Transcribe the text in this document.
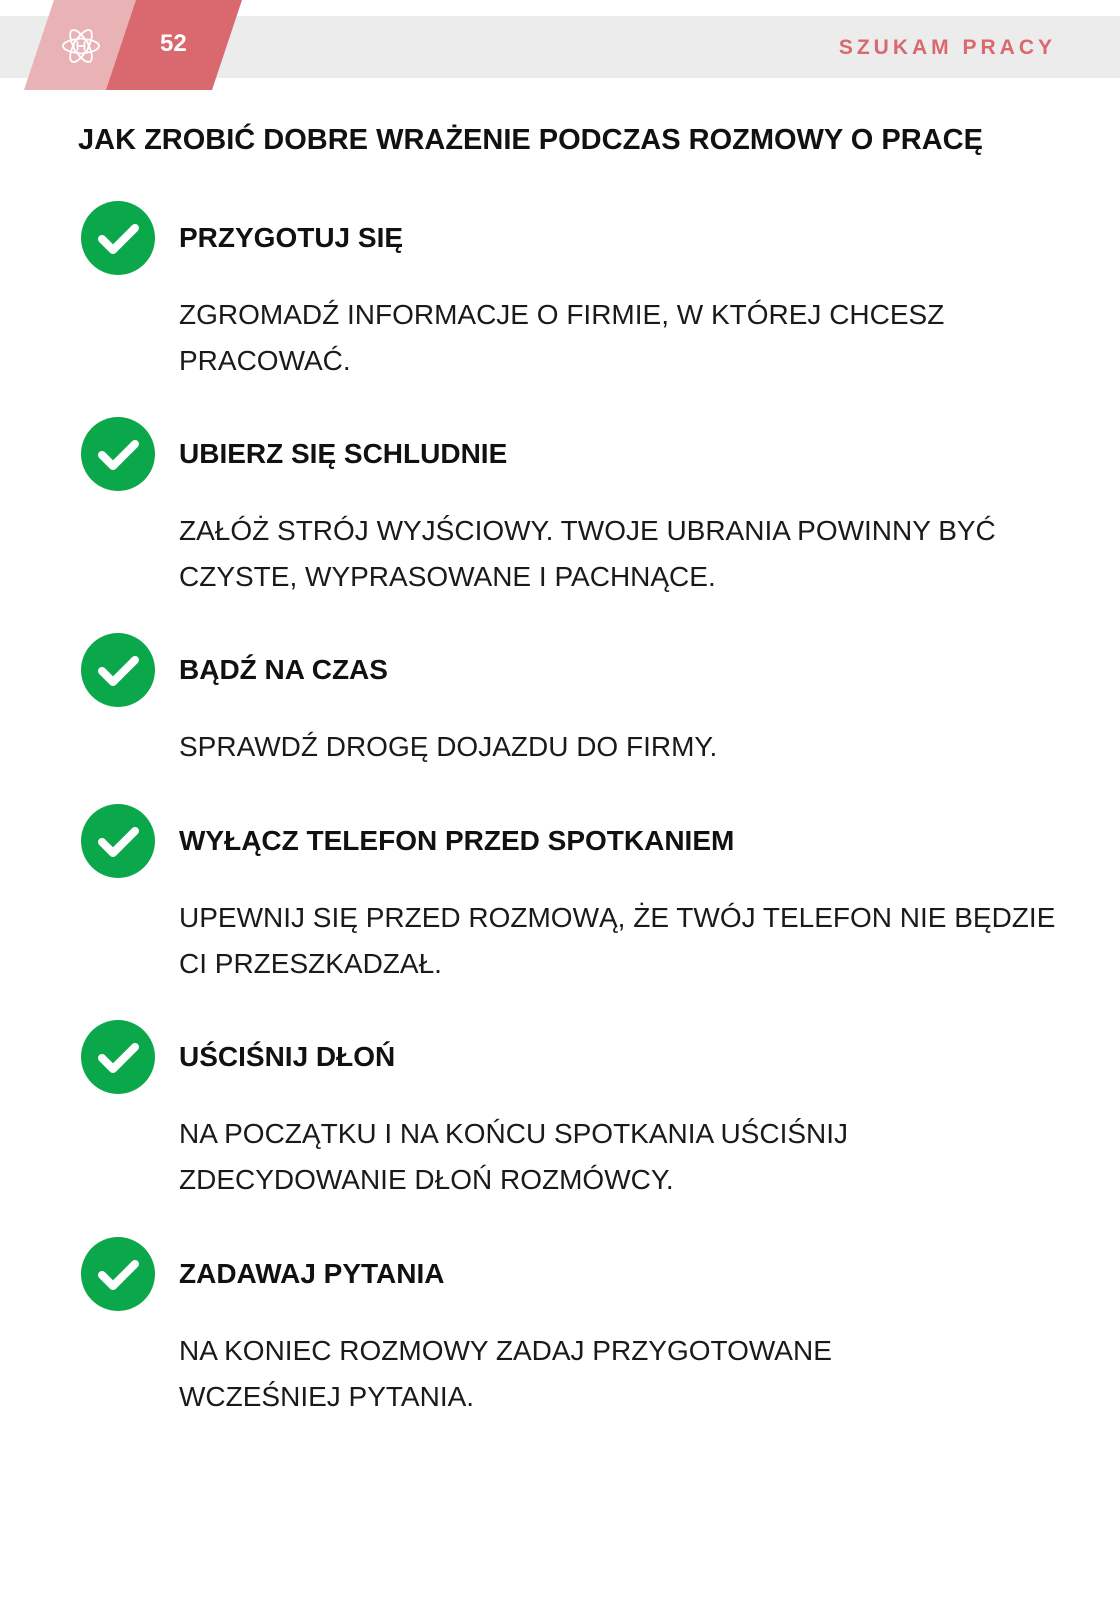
52	SZUKAM PRACY
JAK ZROBIĆ DOBRE WRAŻENIE PODCZAS ROZMOWY O PRACĘ
PRZYGOTUJ SIĘ
ZGROMADŹ INFORMACJE O FIRMIE, W KTÓREJ CHCESZ PRACOWAĆ.
UBIERZ SIĘ SCHLUDNIE
ZAŁÓŻ STRÓJ WYJŚCIOWY. TWOJE UBRANIA POWINNY BYĆ CZYSTE, WYPRASOWANE I PACHNĄCE.
BĄDŹ NA CZAS
SPRAWDŹ DROGĘ DOJAZDU DO FIRMY.
WYŁĄCZ TELEFON PRZED SPOTKANIEM
UPEWNIJ SIĘ PRZED ROZMOWĄ, ŻE TWÓJ TELEFON NIE BĘDZIE CI PRZESZKADZAŁ.
UŚCIŚNIJ DŁOŃ
NA POCZĄTKU I NA KOŃCU SPOTKANIA UŚCIŚNIJ ZDECYDOWANIE DŁOŃ ROZMÓWCY.
ZADAWAJ PYTANIA
NA KONIEC ROZMOWY ZADAJ PRZYGOTOWANE WCZEŚNIEJ PYTANIA.
